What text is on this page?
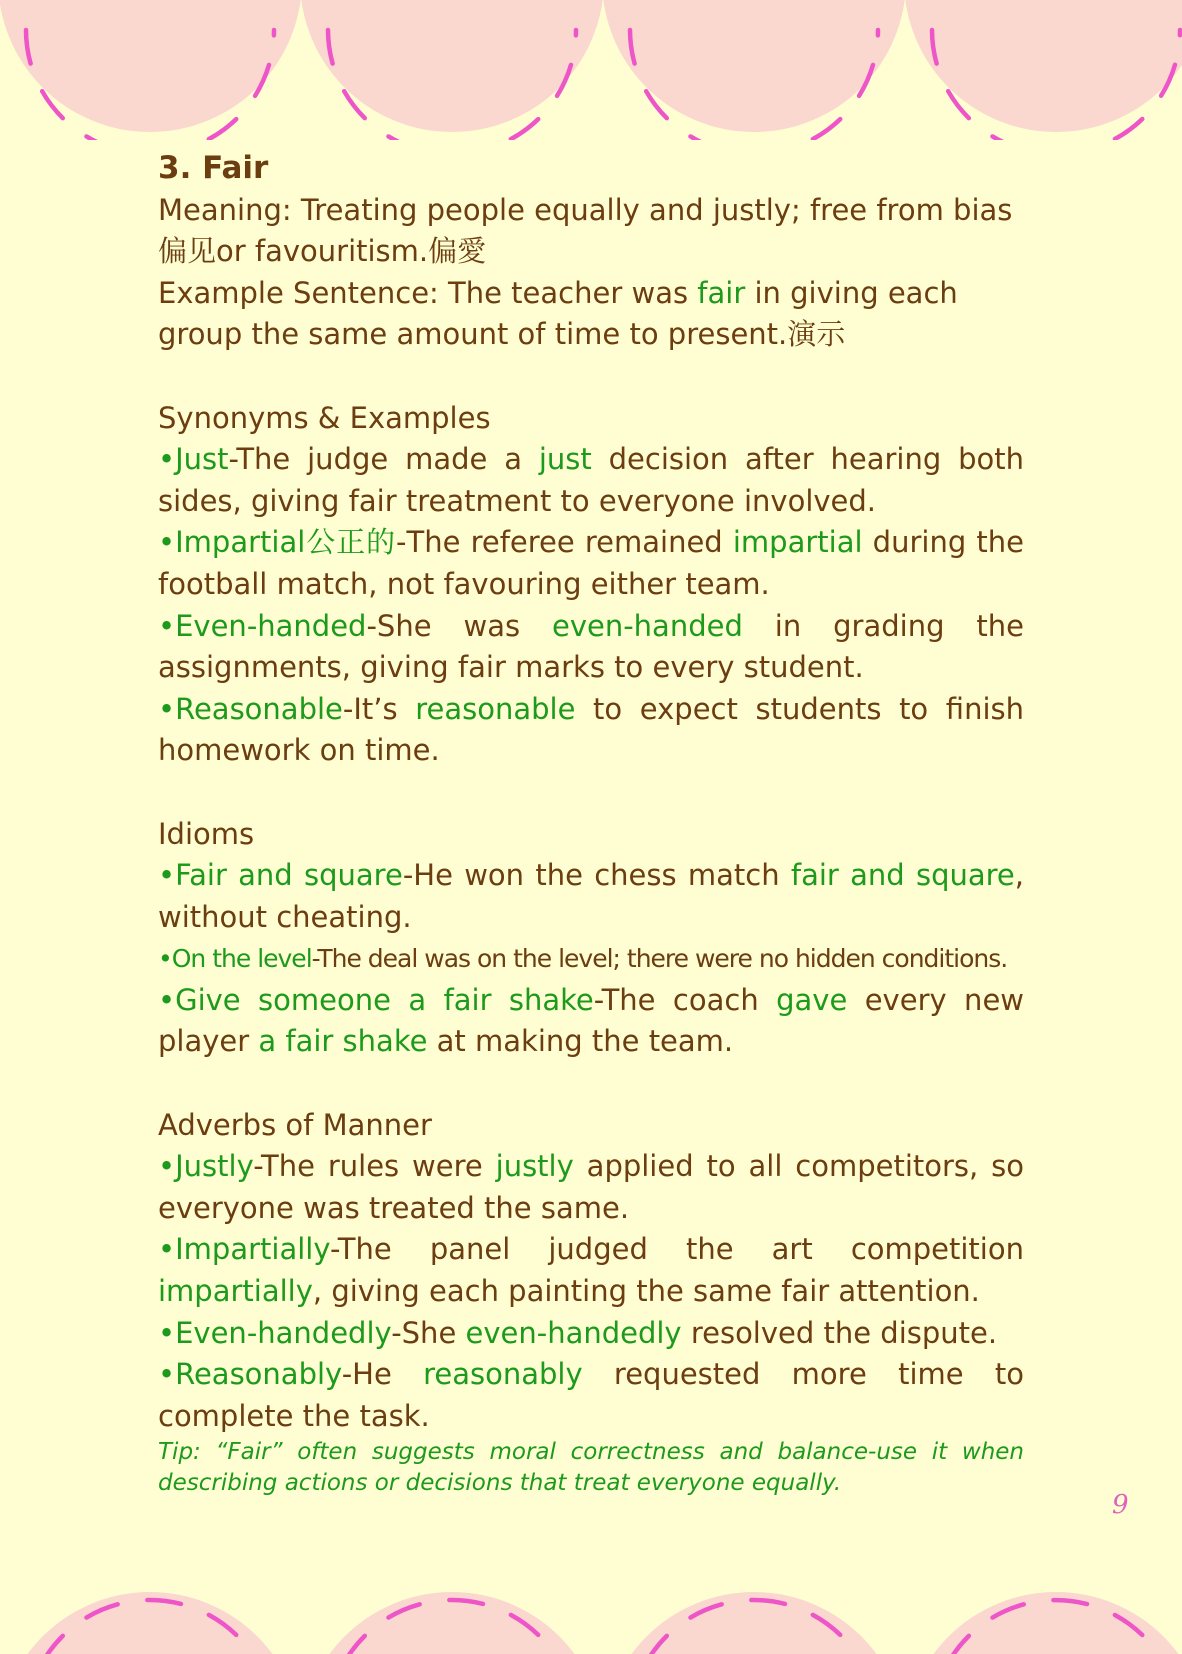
3. Fair

Meaning: Treating people equally and justly; free from bias偏见or favouritism.偏愛

Example Sentence: The teacher was fair in giving each group the same amount of time to present.演示

Synonyms & Examples

•Just-The judge made a just decision after hearing both sides, giving fair treatment to everyone involved.

•Impartial公正的-The referee remained impartial during the football match, not favouring either team.

•Even-handed-She was even-handed in grading the assignments, giving fair marks to every student.

•Reasonable-It’s reasonable to expect students to finish homework on time.

Idioms

•Fair and square-He won the chess match fair and square, without cheating.

•On the level-The deal was on the level; there were no hidden conditions.

•Give someone a fair shake-The coach gave every new player a fair shake at making the team.

Adverbs of Manner

•Justly-The rules were justly applied to all competitors, so everyone was treated the same.

•Impartially-The panel judged the art competition impartially, giving each painting the same fair attention.

•Even-handedly-She even-handedly resolved the dispute.

•Reasonably-He reasonably requested more time to complete the task.

Tip: “Fair” often suggests moral correctness and balance-use it when describing actions or decisions that treat everyone equally.

9
